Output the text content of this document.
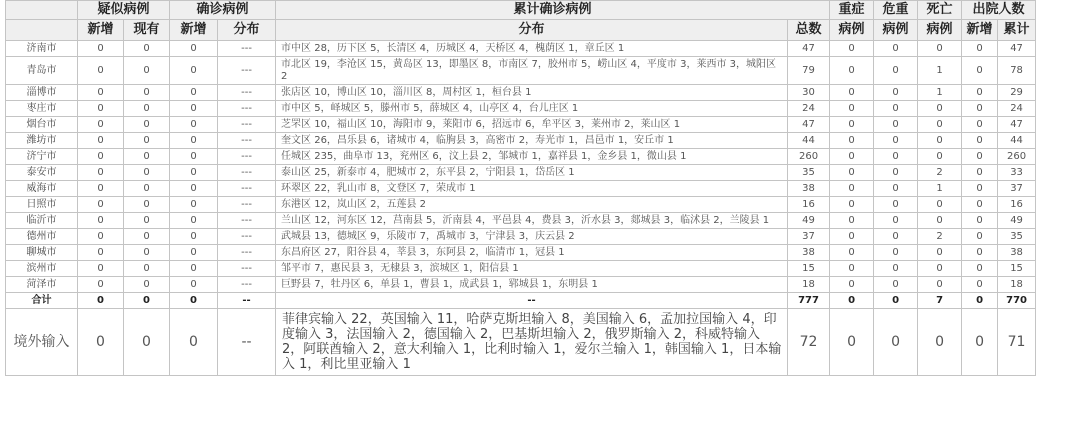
	疑似病例		确诊病例		累计确诊病例		重症	危重	死亡	出院人数	
	新增	现有	新增	分布	分布	总数	病例	病例	病例	新增	累计
济南市	0	0	0	---	市中区 28，历下区 5，长清区 4，历城区 4，天桥区 4，槐荫区 1，章丘区 1	47	0	0	0	0	47
青岛市	0	0	0	---	市北区 19，李沧区 15，黄岛区 13，即墨区 8，市南区 7，胶州市 5，崂山区 4，平度市 3，莱西市 3，城阳区 2	79	0	0	1	0	78
淄博市	0	0	0	---	张店区 10，博山区 10，淄川区 8，周村区 1，桓台县 1	30	0	0	1	0	29
枣庄市	0	0	0	---	市中区 5，峄城区 5，滕州市 5，薛城区 4，山亭区 4，台儿庄区 1	24	0	0	0	0	24
烟台市	0	0	0	---	芝罘区 10，福山区 10，海阳市 9，莱阳市 6，招远市 6，牟平区 3，莱州市 2，莱山区 1	47	0	0	0	0	47
潍坊市	0	0	0	---	奎文区 26，昌乐县 6，诸城市 4，临朐县 3，高密市 2，寿光市 1，昌邑市 1，安丘市 1	44	0	0	0	0	44
济宁市	0	0	0	---	任城区 235，曲阜市 13，兖州区 6，汶上县 2，邹城市 1，嘉祥县 1，金乡县 1，微山县 1	260	0	0	0	0	260
泰安市	0	0	0	---	泰山区 25，新泰市 4，肥城市 2，东平县 2，宁阳县 1，岱岳区 1	35	0	0	2	0	33
威海市	0	0	0	---	环翠区 22，乳山市 8，文登区 7，荣成市 1	38	0	0	1	0	37
日照市	0	0	0	---	东港区 12，岚山区 2，五莲县 2	16	0	0	0	0	16
临沂市	0	0	0	---	兰山区 12，河东区 12，莒南县 5，沂南县 4，平邑县 4，费县 3，沂水县 3，郯城县 3，临沭县 2，兰陵县 1	49	0	0	0	0	49
德州市	0	0	0	---	武城县 13，德城区 9，乐陵市 7，禹城市 3，宁津县 3，庆云县 2	37	0	0	2	0	35
聊城市	0	0	0	---	东昌府区 27，阳谷县 4，莘县 3，东阿县 2，临清市 1，冠县 1	38	0	0	0	0	38
滨州市	0	0	0	---	邹平市 7，惠民县 3，无棣县 3，滨城区 1，阳信县 1	15	0	0	0	0	15
菏泽市	0	0	0	---	巨野县 7，牡丹区 6，单县 1，曹县 1，成武县 1，郓城县 1，东明县 1	18	0	0	0	0	18
合计	0	0	0	--	--	777	0	0	7	0	770
境外输入	0	0	0	--	菲律宾输入 22，英国输入 11，哈萨克斯坦输入 8，美国输入 6，孟加拉国输入 4，印度输入 3，法国输入 2，德国输入 2，巴基斯坦输入 2，俄罗斯输入 2，科威特输入 2，阿联酋输入 2，意大利输入 1，比利时输入 1，爱尔兰输入 1，韩国输入 1，日本输入 1，利比里亚输入 1	72	0	0	0	0	71
